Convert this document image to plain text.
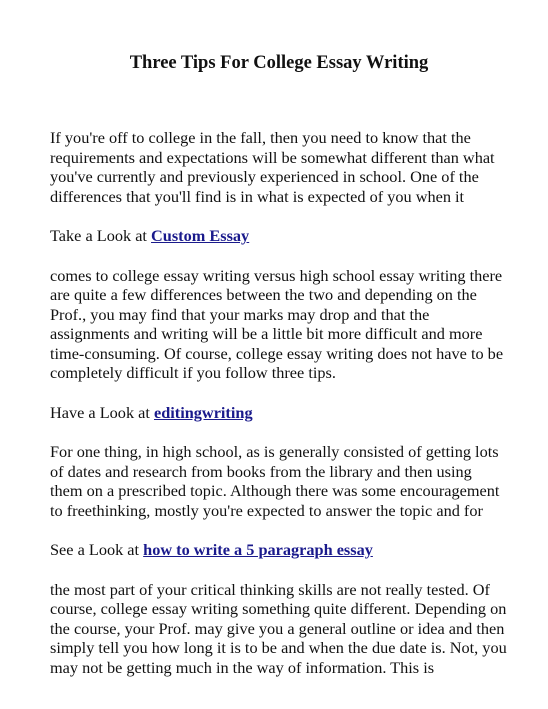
Three Tips For College Essay Writing

If you're off to college in the fall, then you need to know that the requirements and expectations will be somewhat different than what you've currently and previously experienced in school. One of the differences that you'll find is in what is expected of you when it

Take a Look at Custom Essay

comes to college essay writing versus high school essay writing there are quite a few differences between the two and depending on the Prof., you may find that your marks may drop and that the assignments and writing will be a little bit more difficult and more time-consuming. Of course, college essay writing does not have to be completely difficult if you follow three tips.

Have a Look at editingwriting

For one thing, in high school, as is generally consisted of getting lots of dates and research from books from the library and then using them on a prescribed topic. Although there was some encouragement to freethinking, mostly you're expected to answer the topic and for

See a Look at how to write a 5 paragraph essay

the most part of your critical thinking skills are not really tested. Of course, college essay writing something quite different. Depending on the course, your Prof. may give you a general outline or idea and then simply tell you how long it is to be and when the due date is. Not, you may not be getting much in the way of information. This is
